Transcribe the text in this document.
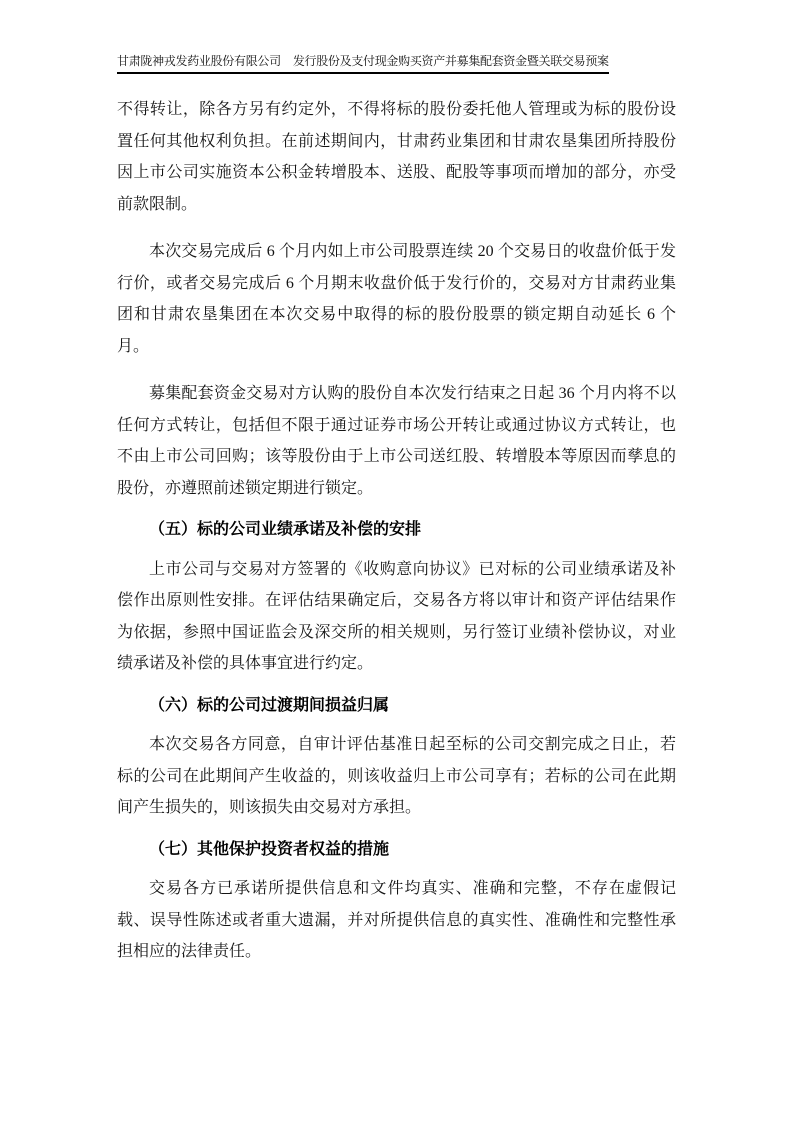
甘肃陇神戎发药业股份有限公司 发行股份及支付现金购买资产并募集配套资金暨关联交易预案

不得转让，除各方另有约定外，不得将标的股份委托他人管理或为标的股份设置任何其他权利负担。在前述期间内，甘肃药业集团和甘肃农垦集团所持股份因上市公司实施资本公积金转增股本、送股、配股等事项而增加的部分，亦受前款限制。

本次交易完成后 6 个月内如上市公司股票连续 20 个交易日的收盘价低于发行价，或者交易完成后 6 个月期末收盘价低于发行价的，交易对方甘肃药业集团和甘肃农垦集团在本次交易中取得的标的股份股票的锁定期自动延长 6 个月。

募集配套资金交易对方认购的股份自本次发行结束之日起 36 个月内将不以任何方式转让，包括但不限于通过证券市场公开转让或通过协议方式转让，也不由上市公司回购；该等股份由于上市公司送红股、转增股本等原因而孳息的股份，亦遵照前述锁定期进行锁定。

（五）标的公司业绩承诺及补偿的安排

上市公司与交易对方签署的《收购意向协议》已对标的公司业绩承诺及补偿作出原则性安排。在评估结果确定后，交易各方将以审计和资产评估结果作为依据，参照中国证监会及深交所的相关规则，另行签订业绩补偿协议，对业绩承诺及补偿的具体事宜进行约定。

（六）标的公司过渡期间损益归属

本次交易各方同意，自审计评估基准日起至标的公司交割完成之日止，若标的公司在此期间产生收益的，则该收益归上市公司享有；若标的公司在此期间产生损失的，则该损失由交易对方承担。

（七）其他保护投资者权益的措施

交易各方已承诺所提供信息和文件均真实、准确和完整，不存在虚假记载、误导性陈述或者重大遗漏，并对所提供信息的真实性、准确性和完整性承担相应的法律责任。
